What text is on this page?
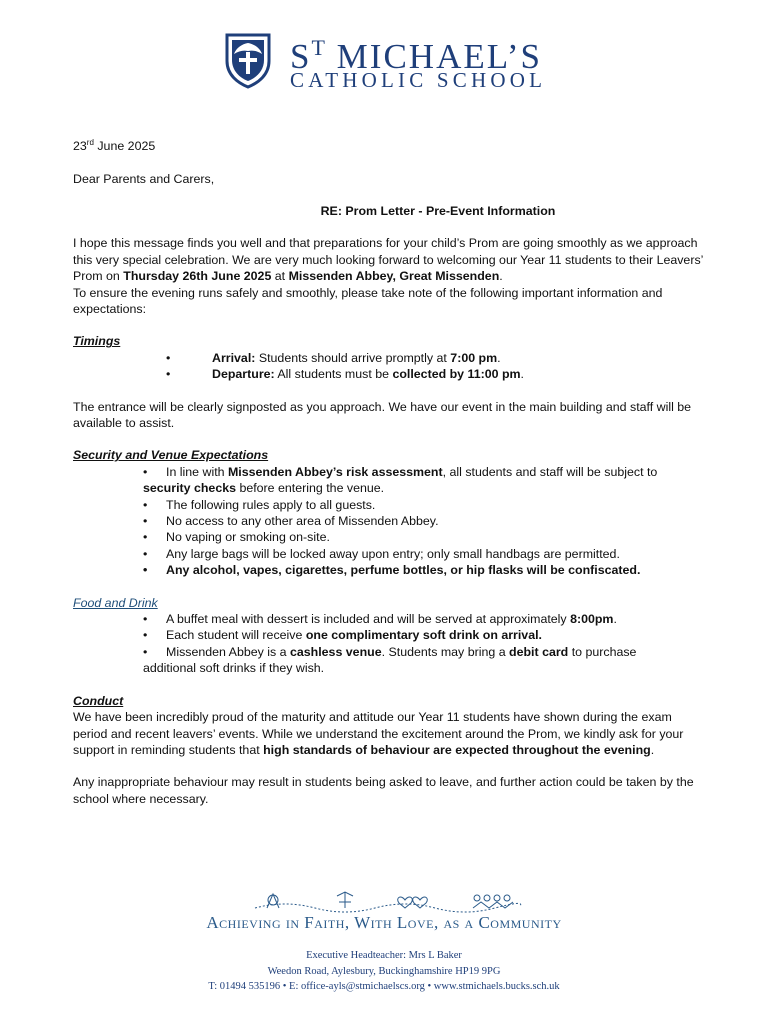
$S^T$ MICHAEL’S
CATHOLIC SCHOOL

23rd June 2025

Dear Parents and Carers,

RE: Prom Letter - Pre-Event Information

I hope this message finds you well and that preparations for your child’s Prom are going smoothly as we approach this very special celebration. We are very much looking forward to welcoming our Year 11 students to their Leavers’ Prom on Thursday 26th June 2025 at Missenden Abbey, Great Missenden.

To ensure the evening runs safely and smoothly, please take note of the following important information and expectations:

Timings

• Arrival: Students should arrive promptly at 7:00 pm.
• Departure: All students must be collected by 11:00 pm.

The entrance will be clearly signposted as you approach. We have our event in the main building and staff will be available to assist.

Security and Venue Expectations

• In line with Missenden Abbey’s risk assessment, all students and staff will be subject to
security checks before entering the venue.
• The following rules apply to all guests.
• No access to any other area of Missenden Abbey.
• No vaping or smoking on-site.
• Any large bags will be locked away upon entry; only small handbags are permitted.
• Any alcohol, vapes, cigarettes, perfume bottles, or hip flasks will be confiscated.

Food and Drink

• A buffet meal with dessert is included and will be served at approximately 8:00pm.
• Each student will receive one complimentary soft drink on arrival.
• Missenden Abbey is a cashless venue. Students may bring a debit card to purchase
additional soft drinks if they wish.

Conduct

We have been incredibly proud of the maturity and attitude our Year 11 students have shown during the exam period and recent leavers’ events. While we understand the excitement around the Prom, we kindly ask for your support in reminding students that high standards of behaviour are expected throughout the evening.

Any inappropriate behaviour may result in students being asked to leave, and further action could be taken by the school where necessary.

Achieving in Faith, With Love, as a Community
Executive Headteacher: Mrs L Baker
Weedon Road, Aylesbury, Buckinghamshire HP19 9PG
T: 01494 535196 • E: office-ayls@stmichaelscs.org • www.stmichaels.bucks.sch.uk
